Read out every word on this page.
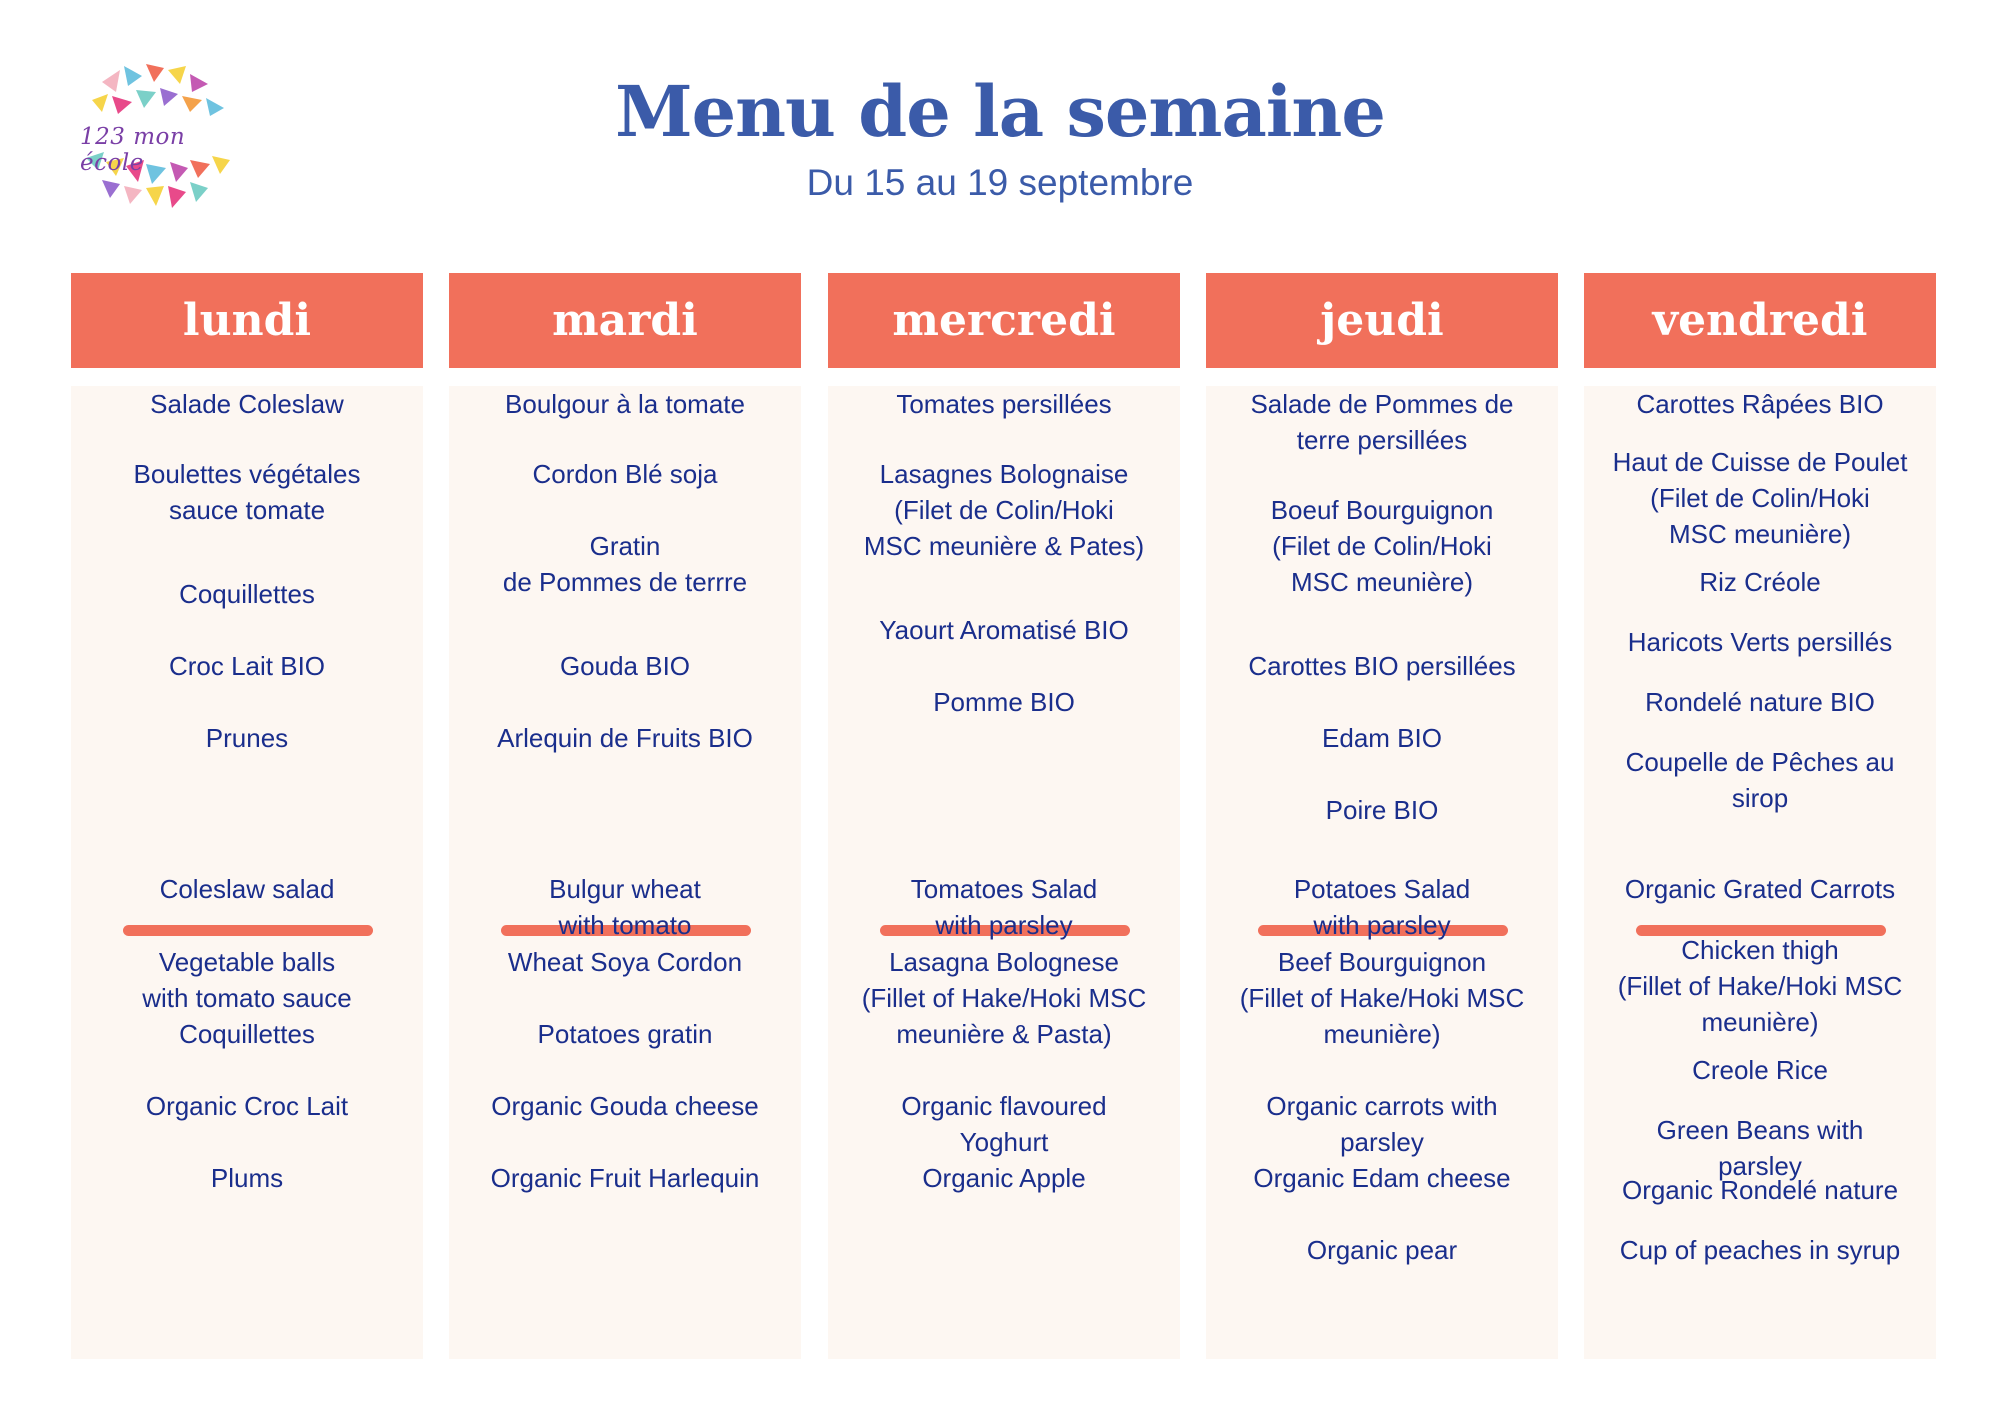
123 mon école
Menu de la semaine
Du 15 au 19 septembre
lundi
Salade Coleslaw
Boulettes végétales
sauce tomate
Coquillettes
Croc Lait BIO
Prunes
Coleslaw salad
Vegetable balls
with tomato sauce
Coquillettes
Organic Croc Lait
Plums
mardi
Boulgour à la tomate
Cordon Blé soja
Gratin
de Pommes de terrre
Gouda BIO
Arlequin de Fruits BIO
Bulgur wheat
with tomato
Wheat Soya Cordon
Potatoes gratin
Organic Gouda cheese
Organic Fruit Harlequin
mercredi
Tomates persillées
Lasagnes Bolognaise
(Filet de Colin/Hoki
MSC meunière & Pates)
Yaourt Aromatisé BIO
Pomme BIO
Tomatoes Salad
with parsley
Lasagna Bolognese
(Fillet of Hake/Hoki MSC
meunière & Pasta)
Organic flavoured
Yoghurt
Organic Apple
jeudi
Salade de Pommes de
terre persillées
Boeuf Bourguignon
(Filet de Colin/Hoki
MSC meunière)
Carottes BIO persillées
Edam BIO
Poire BIO
Potatoes Salad
with parsley
Beef Bourguignon
(Fillet of Hake/Hoki MSC
meunière)
Organic carrots with
parsley
Organic Edam cheese
Organic pear
vendredi
Carottes Râpées BIO
Haut de Cuisse de Poulet
(Filet de Colin/Hoki
MSC meunière)
Riz Créole
Haricots Verts persillés
Rondelé nature BIO
Coupelle de Pêches au
sirop
Organic Grated Carrots
Chicken thigh
(Fillet of Hake/Hoki MSC
meunière)
Creole Rice
Green Beans with
parsley
Organic Rondelé nature
Cup of peaches in syrup
